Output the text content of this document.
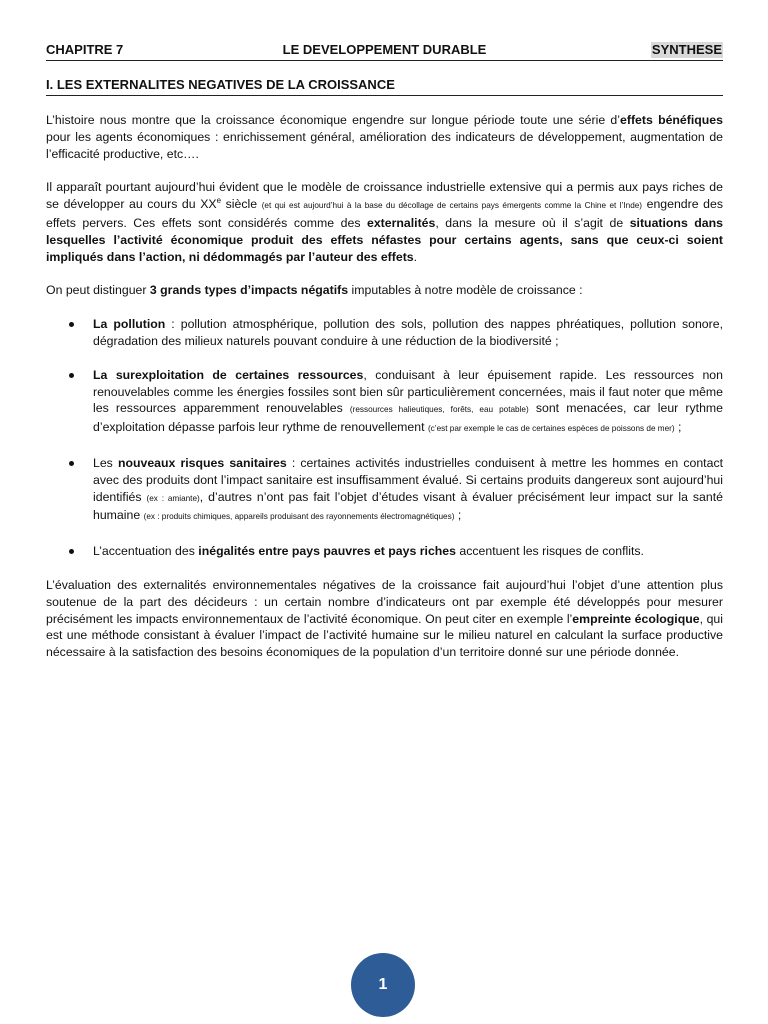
CHAPITRE 7	LE DEVELOPPEMENT DURABLE	SYNTHESE
I. LES EXTERNALITES NEGATIVES DE LA CROISSANCE

L’histoire nous montre que la croissance économique engendre sur longue période toute une série d’effets bénéfiques pour les agents économiques : enrichissement général, amélioration des indicateurs de développement, augmentation de l’efficacité productive, etc….

Il apparaît pourtant aujourd’hui évident que le modèle de croissance industrielle extensive qui a permis aux pays riches de se développer au cours du XXe siècle (et qui est aujourd’hui à la base du décollage de certains pays émergents comme la Chine et l’Inde) engendre des effets pervers. Ces effets sont considérés comme des externalités, dans la mesure où il s’agit de situations dans lesquelles l’activité économique produit des effets néfastes pour certains agents, sans que ceux-ci soient impliqués dans l’action, ni dédommagés par l’auteur des effets.

On peut distinguer 3 grands types d’impacts négatifs imputables à notre modèle de croissance :

La pollution : pollution atmosphérique, pollution des sols, pollution des nappes phréatiques, pollution sonore, dégradation des milieux naturels pouvant conduire à une réduction de la biodiversité ;
La surexploitation de certaines ressources, conduisant à leur épuisement rapide. Les ressources non renouvelables comme les énergies fossiles sont bien sûr particulièrement concernées, mais il faut noter que même les ressources apparemment renouvelables (ressources halieutiques, forêts, eau potable) sont menacées, car leur rythme d’exploitation dépasse parfois leur rythme de renouvellement (c’est par exemple le cas de certaines espèces de poissons de mer) ;
Les nouveaux risques sanitaires : certaines activités industrielles conduisent à mettre les hommes en contact avec des produits dont l’impact sanitaire est insuffisamment évalué. Si certains produits dangereux sont aujourd’hui identifiés (ex : amiante), d’autres n’ont pas fait l’objet d’études visant à évaluer précisément leur impact sur la santé humaine (ex : produits chimiques, appareils produisant des rayonnements électromagnétiques) ;
L’accentuation des inégalités entre pays pauvres et pays riches accentuent les risques de conflits.

L’évaluation des externalités environnementales négatives de la croissance fait aujourd’hui l’objet d’une attention plus soutenue de la part des décideurs : un certain nombre d’indicateurs ont par exemple été développés pour mesurer précisément les impacts environnementaux de l’activité économique. On peut citer en exemple l’empreinte écologique, qui est une méthode consistant à évaluer l’impact de l’activité humaine sur le milieu naturel en calculant la surface productive nécessaire à la satisfaction des besoins économiques de la population d’un territoire donné sur une période donnée.

1
